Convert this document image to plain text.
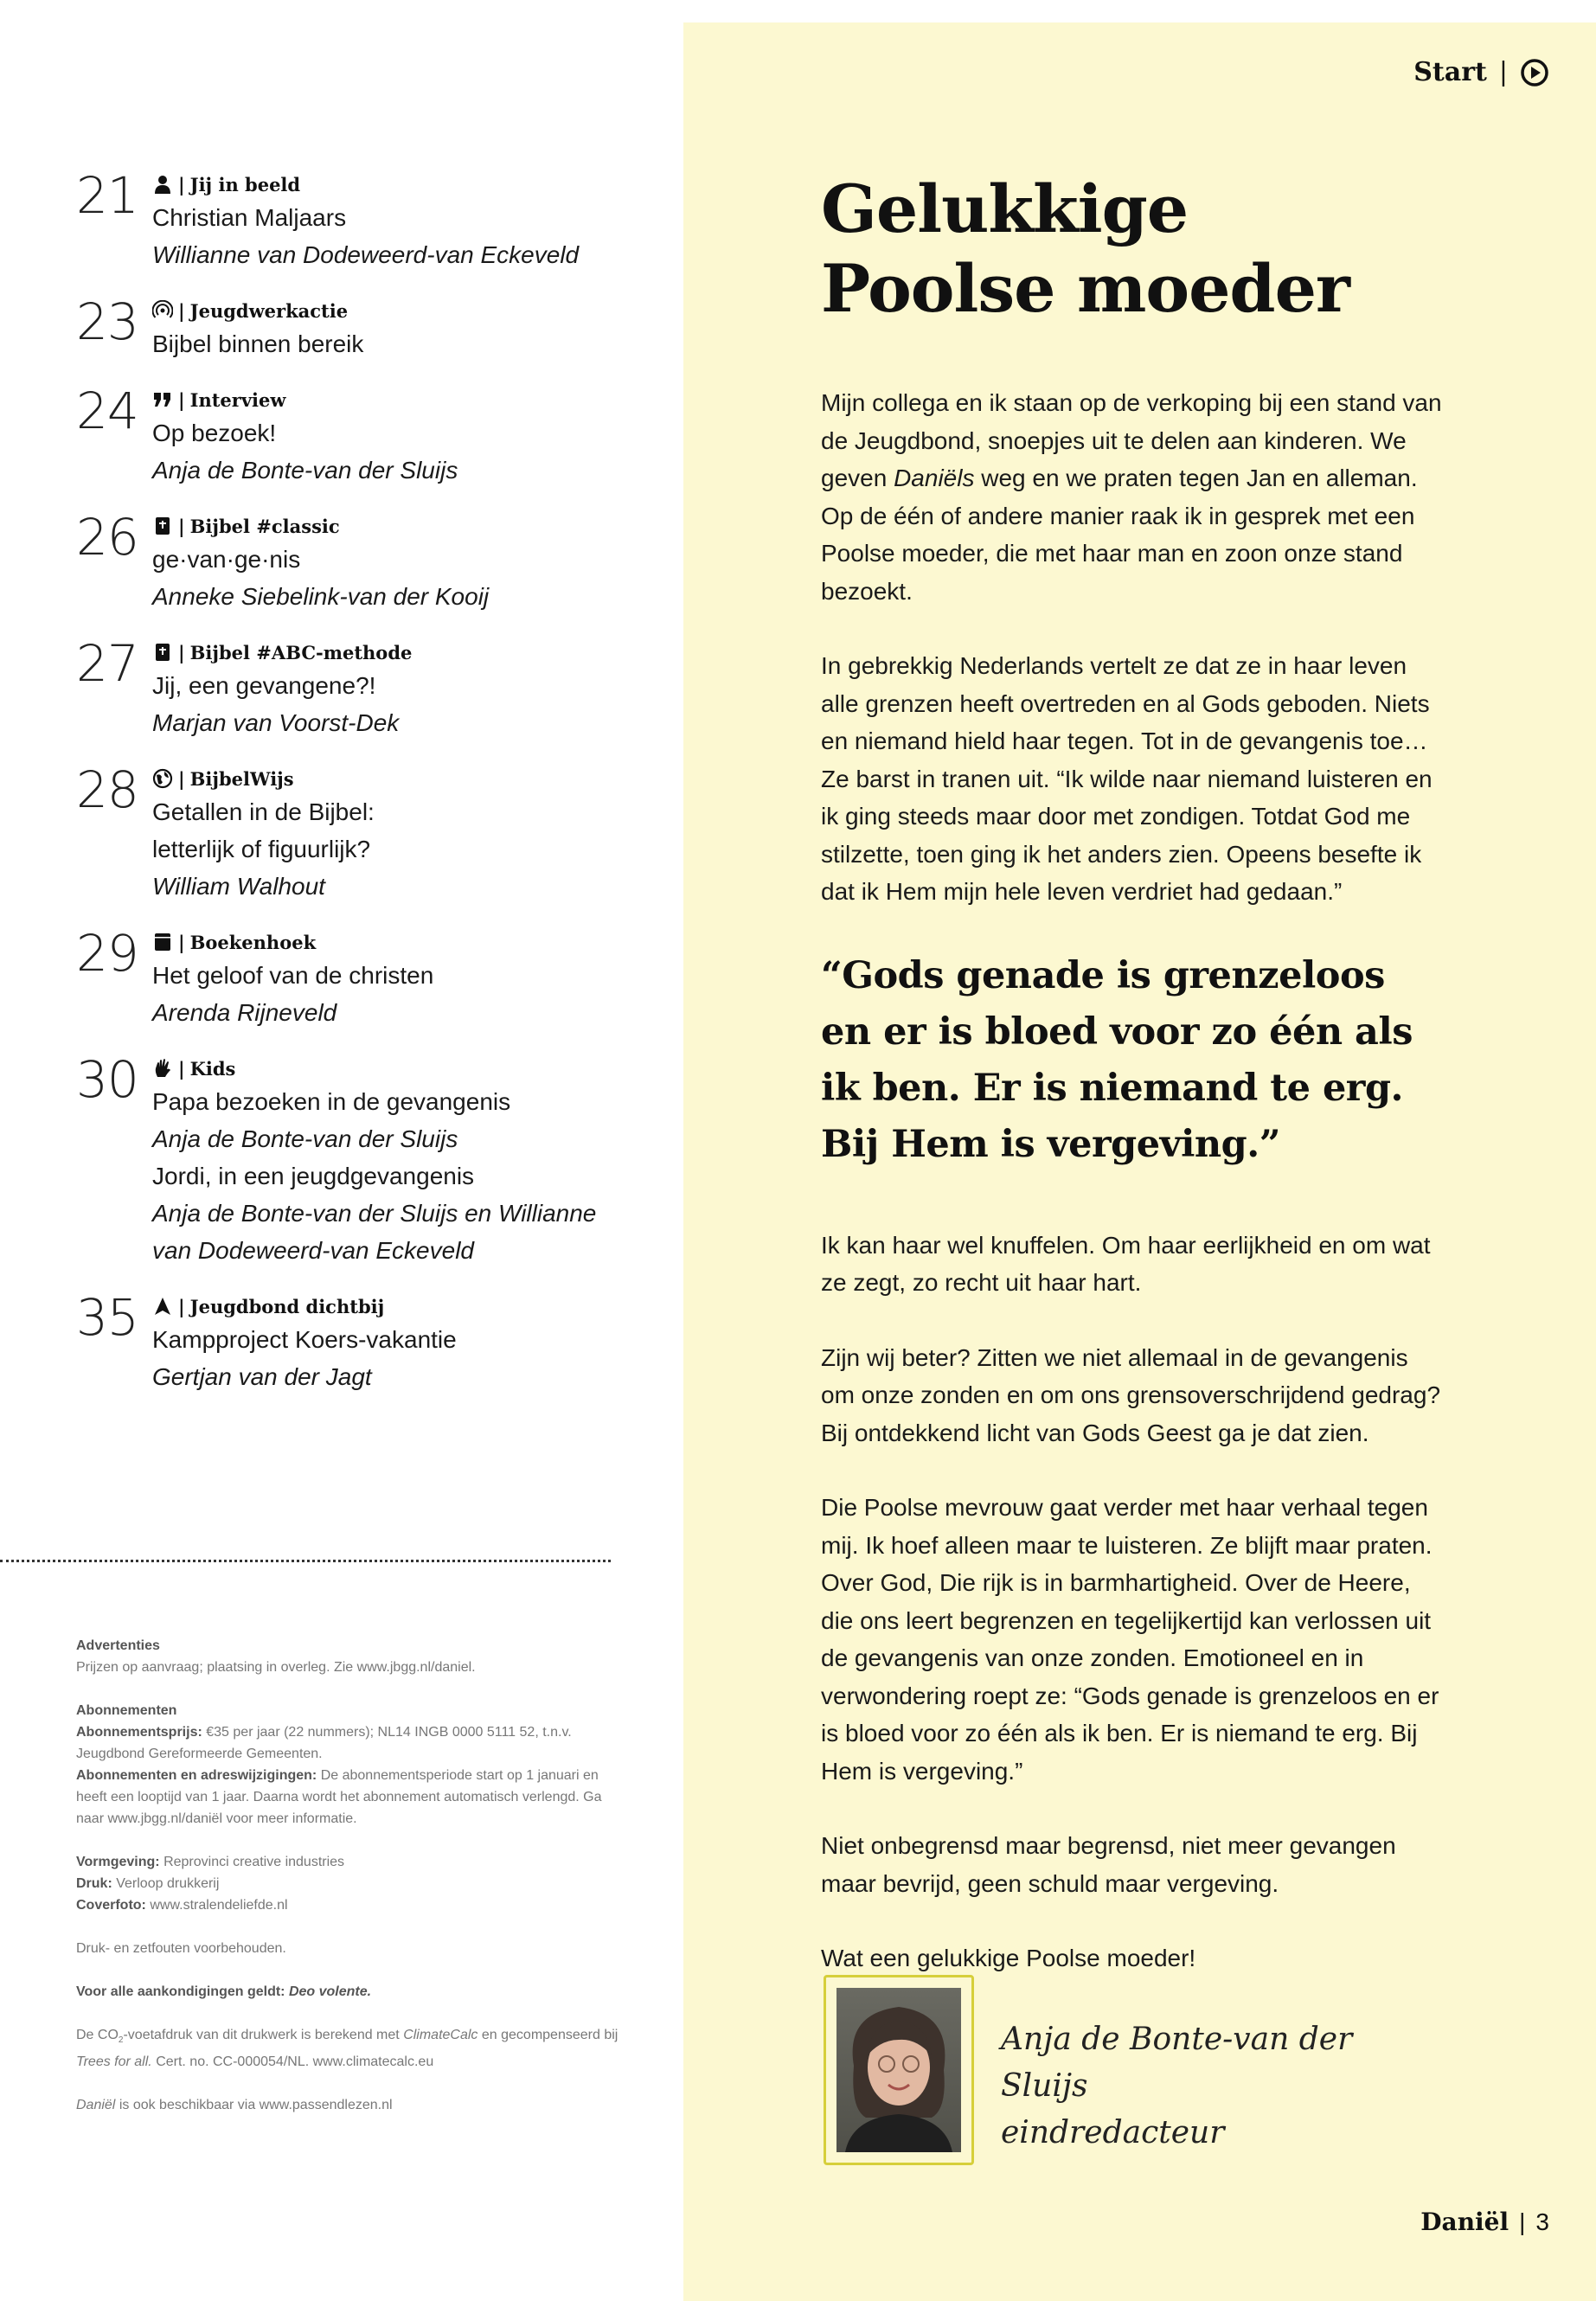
Start |
21	| Jij in beeld
Christian Maljaars
Willianne van Dodeweerd-van Eckeveld
23	| Jeugdwerkactie
Bijbel binnen bereik
24	| Interview
Op bezoek!
Anja de Bonte-van der Sluijs
26	| Bijbel #classic
ge·van·ge·nis
Anneke Siebelink-van der Kooij
27	| Bijbel #ABC-methode
Jij, een gevangene?!
Marjan van Voorst-Dek
28	| BijbelWijs
Getallen in de Bijbel:
letterlijk of figuurlijk?
William Walhout
29	| Boekenhoek
Het geloof van de christen
Arenda Rijneveld
30	| Kids
Papa bezoeken in de gevangenis
Anja de Bonte-van der Sluijs
Jordi, in een jeugdgevangenis
Anja de Bonte-van der Sluijs en Willianne
van Dodeweerd-van Eckeveld
35	| Jeugdbond dichtbij
Kampproject Koers-vakantie
Gertjan van der Jagt
Advertenties
Prijzen op aanvraag; plaatsing in overleg. Zie www.jbgg.nl/daniel.
Abonnementen
Abonnementsprijs: €35 per jaar (22 nummers); NL14 INGB 0000 5111 52, t.n.v. Jeugdbond Gereformeerde Gemeenten.
Abonnementen en adreswijzigingen: De abonnementsperiode start op 1 januari en heeft een looptijd van 1 jaar. Daarna wordt het abonnement automatisch verlengd. Ga naar www.jbgg.nl/daniël voor meer informatie.
Vormgeving: Reprovinci creative industries
Druk: Verloop drukkerij
Coverfoto: www.stralendeliefde.nl
Druk- en zetfouten voorbehouden.
Voor alle aankondigingen geldt: Deo volente.
De $CO_2$-voetafdruk van dit drukwerk is berekend met ClimateCalc en gecompenseerd bij Trees for all. Cert. no. CC-000054/NL. www.climatecalc.eu
Daniël is ook beschikbaar via www.passendlezen.nl
Gelukkige
Poolse moeder

Mijn collega en ik staan op de verkoping bij een stand van de Jeugdbond, snoepjes uit te delen aan kinderen. We geven Daniëls weg en we praten tegen Jan en alleman. Op de één of andere manier raak ik in gesprek met een Poolse moeder, die met haar man en zoon onze stand bezoekt.

In gebrekkig Nederlands vertelt ze dat ze in haar leven alle grenzen heeft overtreden en al Gods geboden. Niets en niemand hield haar tegen. Tot in de gevangenis toe… Ze barst in tranen uit. “Ik wilde naar niemand luisteren en ik ging steeds maar door met zondigen. Totdat God me stilzette, toen ging ik het anders zien. Opeens besefte ik dat ik Hem mijn hele leven verdriet had gedaan.”

“Gods genade is grenzeloos en er is bloed voor zo één als ik ben. Er is niemand te erg. Bij Hem is vergeving.”

Ik kan haar wel knuffelen. Om haar eerlijkheid en om wat ze zegt, zo recht uit haar hart.

Zijn wij beter? Zitten we niet allemaal in de gevangenis om onze zonden en om ons grensoverschrijdend gedrag? Bij ontdekkend licht van Gods Geest ga je dat zien.

Die Poolse mevrouw gaat verder met haar verhaal tegen mij. Ik hoef alleen maar te luisteren. Ze blijft maar praten. Over God, Die rijk is in barmhartigheid. Over de Heere, die ons leert begrenzen en tegelijkertijd kan verlossen uit de gevangenis van onze zonden. Emotioneel en in verwondering roept ze: “Gods genade is grenzeloos en er is bloed voor zo één als ik ben. Er is niemand te erg. Bij Hem is vergeving.”

Niet onbegrensd maar begrensd, niet meer gevangen maar bevrijd, geen schuld maar vergeving.

Wat een gelukkige Poolse moeder!

Anja de Bonte-van der Sluijs
eindredacteur
Daniël | 3
